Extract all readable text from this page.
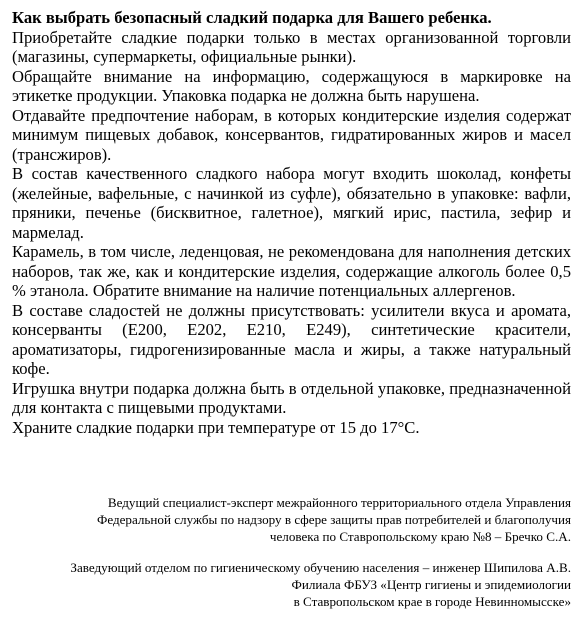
Как выбрать безопасный сладкий подарка для Вашего ребенка.

Приобретайте сладкие подарки только в местах организованной торговли (магазины, супермаркеты, официальные рынки).

Обращайте внимание на информацию, содержащуюся в маркировке на этикетке продукции. Упаковка подарка не должна быть нарушена.

Отдавайте предпочтение наборам, в которых кондитерские изделия содержат минимум пищевых добавок, консервантов, гидратированных жиров и масел (трансжиров).

В состав качественного сладкого набора могут входить шоколад, конфеты (желейные, вафельные, с начинкой из суфле), обязательно в упаковке: вафли, пряники, печенье (бисквитное, галетное), мягкий ирис, пастила, зефир и мармелад.

Карамель, в том числе, леденцовая, не рекомендована для наполнения детских наборов, так же, как и кондитерские изделия, содержащие алкоголь более 0,5 % этанола. Обратите внимание на наличие потенциальных аллергенов.

В составе сладостей не должны присутствовать: усилители вкуса и аромата, консерванты (Е200, Е202, Е210, Е249), синтетические красители, ароматизаторы, гидрогенизированные масла и жиры, а также натуральный кофе.

Игрушка внутри подарка должна быть в отдельной упаковке, предназначенной для контакта с пищевыми продуктами.

Храните сладкие подарки при температуре от 15 до 17°С.

Ведущий специалист-эксперт межрайонного территориального отдела Управления
Федеральной службы по надзору в сфере защиты прав потребителей и благополучия
человека по Ставропольскому краю №8 – Бречко С.А.
Заведующий отделом по гигиеническому обучению населения – инженер Шипилова А.В.
Филиала ФБУЗ «Центр гигиены и эпидемиологии
в Ставропольском крае в городе Невинномысске»
